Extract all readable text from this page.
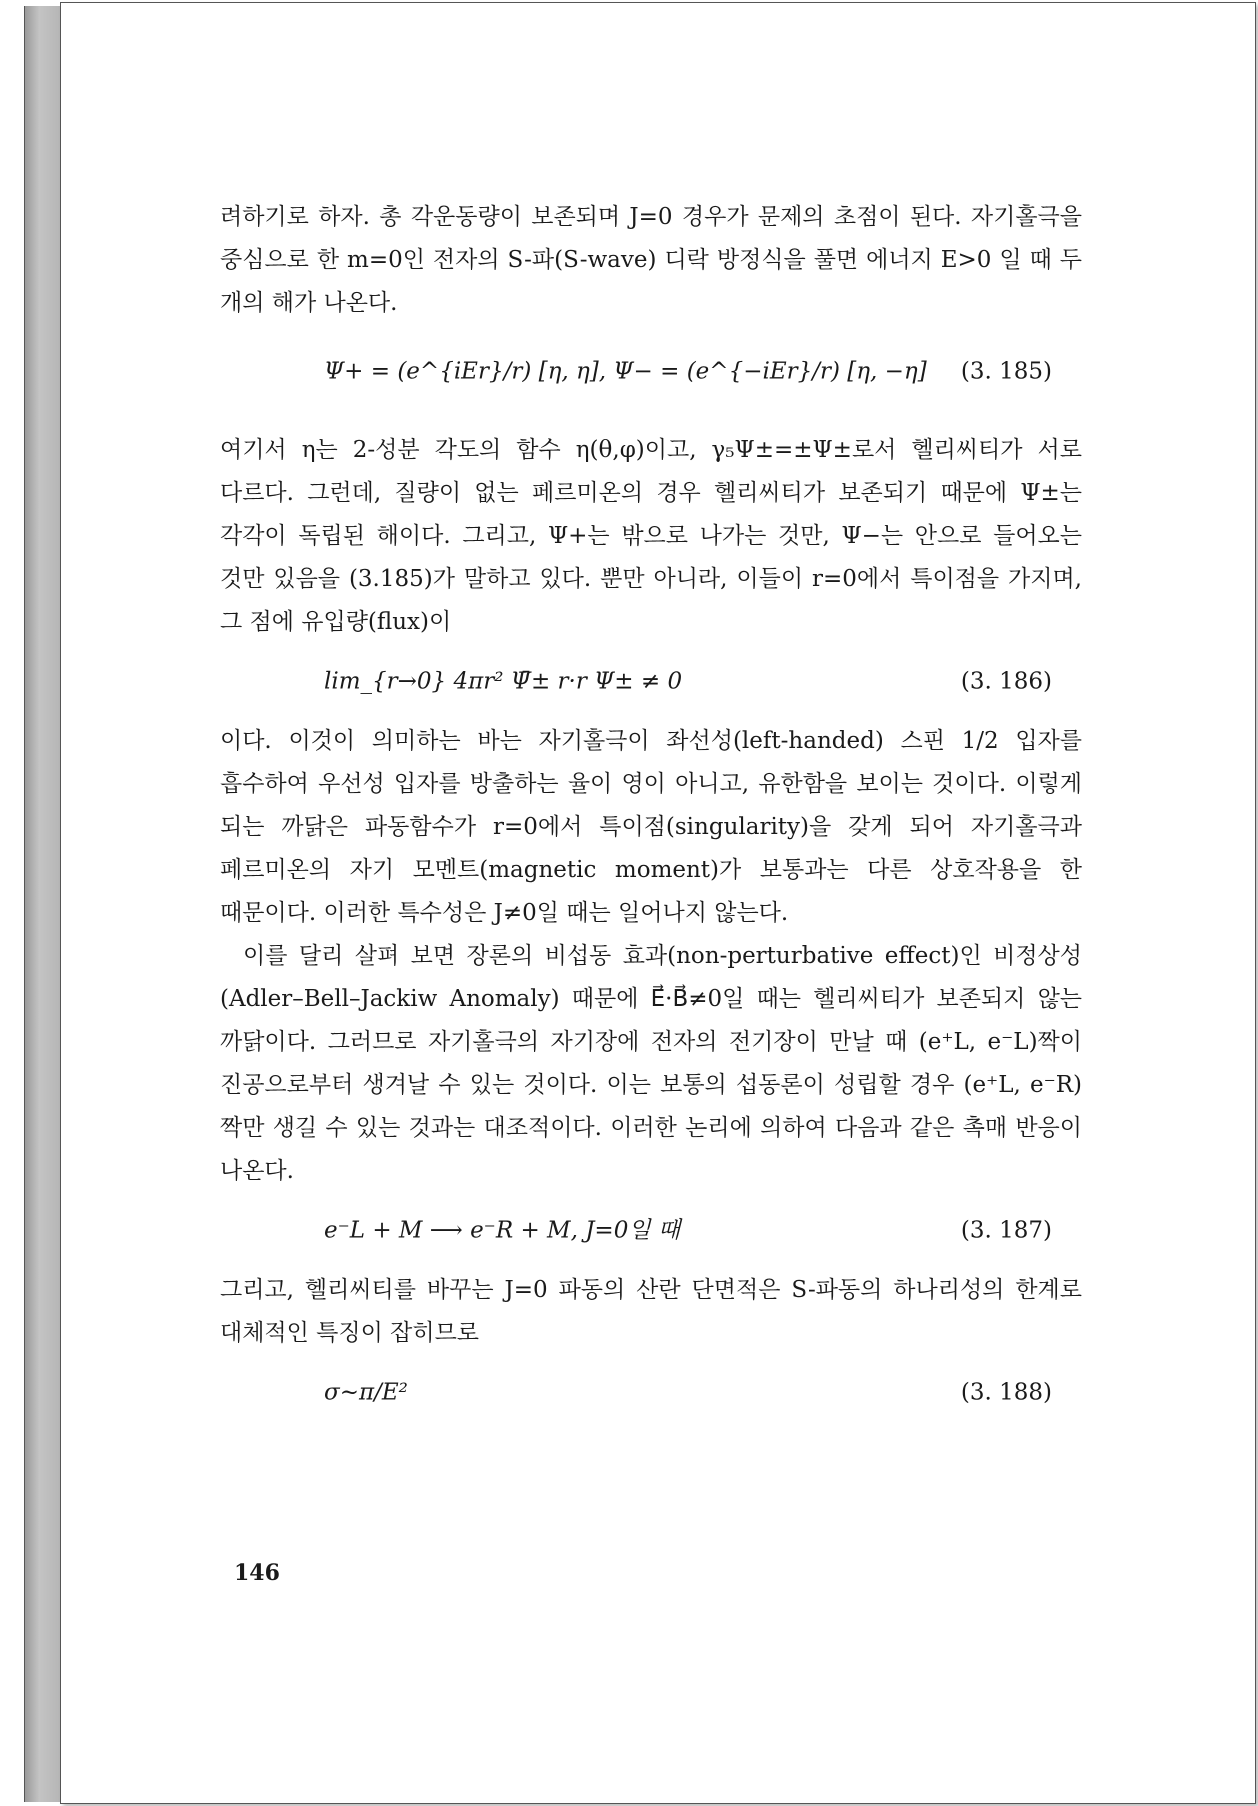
려하기로 하자. 총 각운동량이 보존되며 J=0 경우가 문제의 초점이 된다. 자기홀극을 중심으로 한 m=0인 전자의 S-파(S-wave) 디락 방정식을 풀면 에너지 E>0 일 때 두 개의 해가 나온다.

Ψ+ = (e^{iEr}/r) [η, η], Ψ− = (e^{−iEr}/r) [η, −η] (3. 185)

여기서 η는 2-성분 각도의 함수 η(θ,φ)이고, γ₅Ψ±=±Ψ±로서 헬리씨티가 서로 다르다. 그런데, 질량이 없는 페르미온의 경우 헬리씨티가 보존되기 때문에 Ψ±는 각각이 독립된 해이다. 그리고, Ψ+는 밖으로 나가는 것만, Ψ−는 안으로 들어오는 것만 있음을 (3.185)가 말하고 있다. 뿐만 아니라, 이들이 r=0에서 특이점을 가지며, 그 점에 유입량(flux)이

lim_{r→0} 4πr² Ψ̄± r·r Ψ± ≠ 0	(3. 186)

이다. 이것이 의미하는 바는 자기홀극이 좌선성(left-handed) 스핀 1/2 입자를 흡수하여 우선성 입자를 방출하는 율이 영이 아니고, 유한함을 보이는 것이다. 이렇게 되는 까닭은 파동함수가 r=0에서 특이점(singularity)을 갖게 되어 자기홀극과 페르미온의 자기 모멘트(magnetic moment)가 보통과는 다른 상호작용을 한 때문이다. 이러한 특수성은 J≠0일 때는 일어나지 않는다.

이를 달리 살펴 보면 장론의 비섭동 효과(non-perturbative effect)인 비정상성(Adler–Bell–Jackiw Anomaly) 때문에 E⃗·B⃗≠0일 때는 헬리씨티가 보존되지 않는 까닭이다. 그러므로 자기홀극의 자기장에 전자의 전기장이 만날 때 (e⁺L, e⁻L)짝이 진공으로부터 생겨날 수 있는 것이다. 이는 보통의 섭동론이 성립할 경우 (e⁺L, e⁻R)짝만 생길 수 있는 것과는 대조적이다. 이러한 논리에 의하여 다음과 같은 촉매 반응이 나온다.

e⁻L + M ⟶ e⁻R + M, J=0일 때	(3. 187)

그리고, 헬리씨티를 바꾸는 J=0 파동의 산란 단면적은 S-파동의 하나리성의 한계로 대체적인 특징이 잡히므로

σ∼π/E²	(3. 188)
146
